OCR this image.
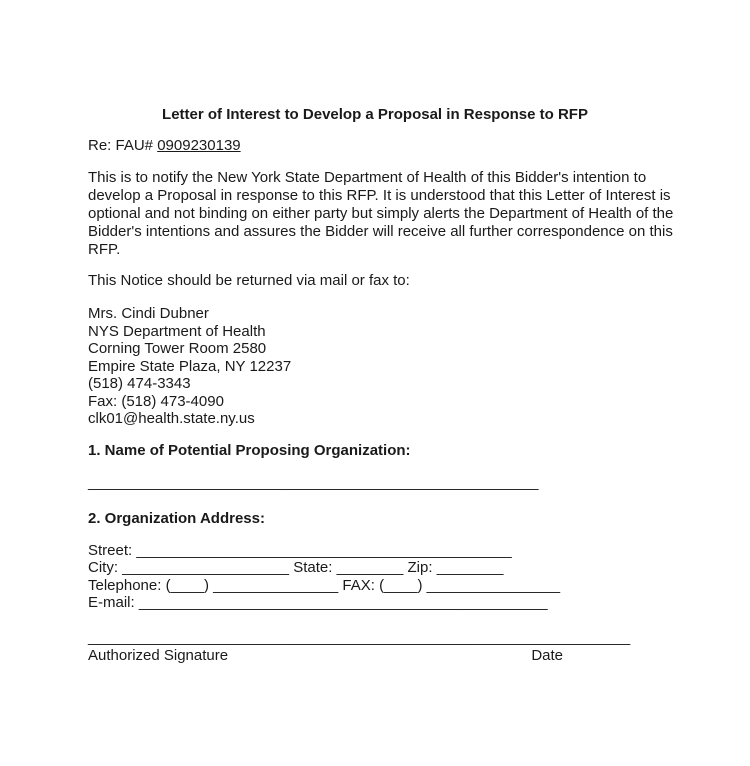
Letter of Interest to Develop a Proposal in Response to RFP
Re: FAU# 0909230139

This is to notify the New York State Department of Health of this Bidder's intention to develop a Proposal in response to this RFP. It is understood that this Letter of Interest is optional and not binding on either party but simply alerts the Department of Health of the Bidder's intentions and assures the Bidder will receive all further correspondence on this RFP.

This Notice should be returned via mail or fax to:
Mrs. Cindi Dubner
NYS Department of Health
Corning Tower Room 2580
Empire State Plaza, NY 12237
(518) 474-3343
Fax: (518) 473-4090
clk01@health.state.ny.us
1. Name of Potential Proposing Organization:
______________________________________________________
2. Organization Address:
Street: _____________________________________________
City: ____________________ State: ________ Zip: ________
Telephone: (____) _______________ FAX: (____) ________________
E-mail: _________________________________________________
_________________________________________________________________
Authorized Signature	Date
